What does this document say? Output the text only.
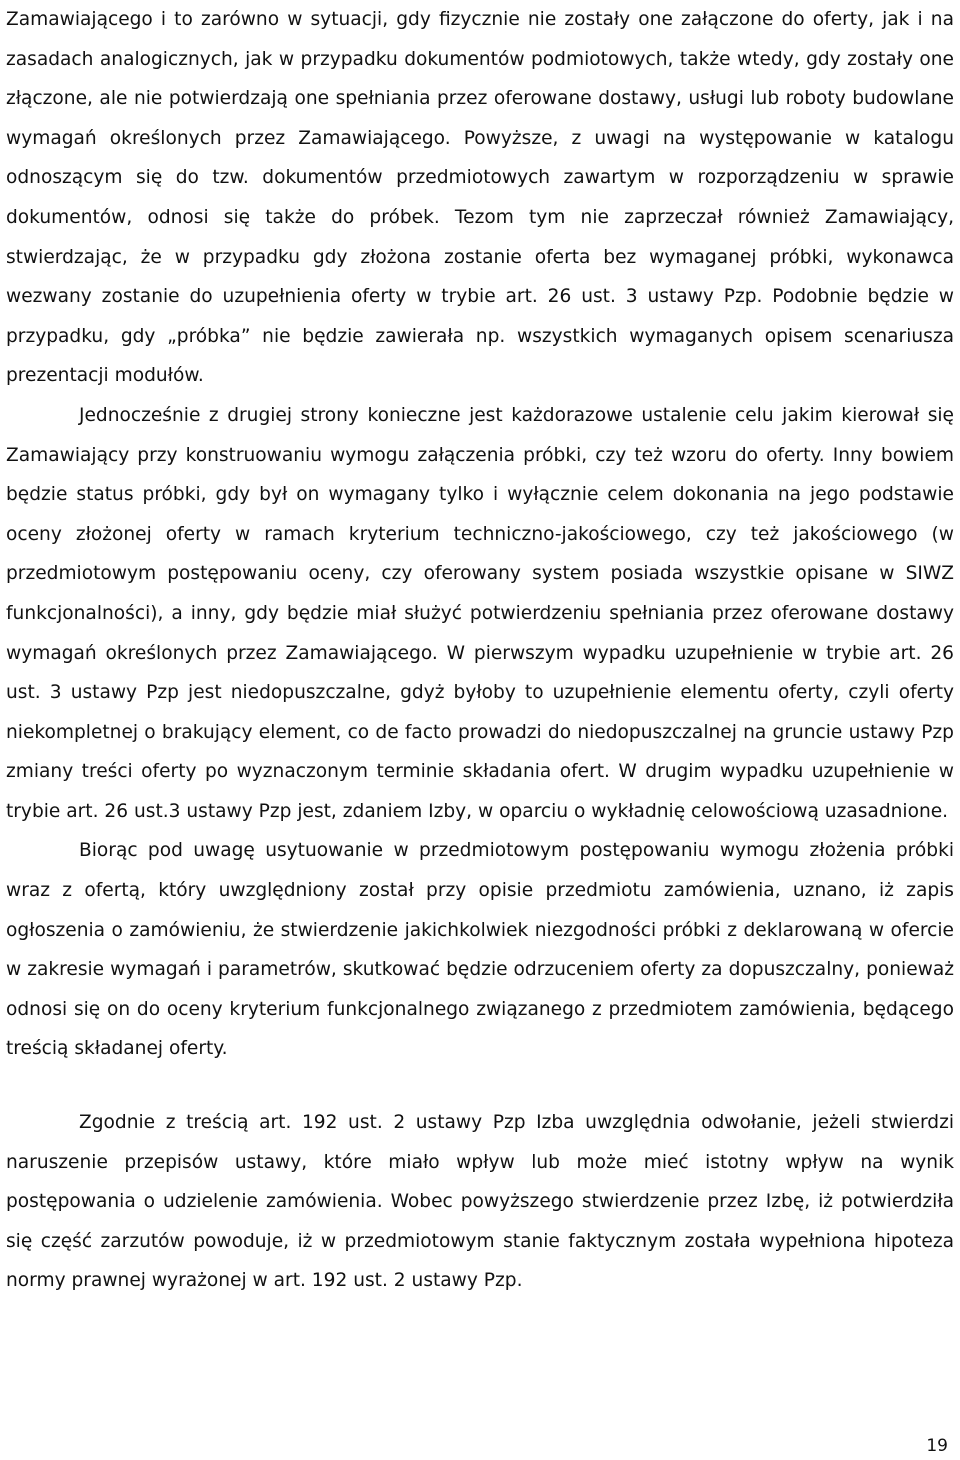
Zamawiającego i to zarówno w sytuacji, gdy fizycznie nie zostały one załączone do oferty, jak i na zasadach analogicznych, jak w przypadku dokumentów podmiotowych, także wtedy, gdy zostały one złączone, ale nie potwierdzają one spełniania przez oferowane dostawy, usługi lub roboty budowlane wymagań określonych przez Zamawiającego. Powyższe, z uwagi na występowanie w katalogu odnoszącym się do tzw. dokumentów przedmiotowych zawartym w rozporządzeniu w sprawie dokumentów, odnosi się także do próbek. Tezom tym nie zaprzeczał również Zamawiający, stwierdzając, że w przypadku gdy złożona zostanie oferta bez wymaganej próbki, wykonawca wezwany zostanie do uzupełnienia oferty w trybie art. 26 ust. 3 ustawy Pzp. Podobnie będzie w przypadku, gdy „próbka” nie będzie zawierała np. wszystkich wymaganych opisem scenariusza prezentacji modułów.

Jednocześnie z drugiej strony konieczne jest każdorazowe ustalenie celu jakim kierował się Zamawiający przy konstruowaniu wymogu załączenia próbki, czy też wzoru do oferty. Inny bowiem będzie status próbki, gdy był on wymagany tylko i wyłącznie celem dokonania na jego podstawie oceny złożonej oferty w ramach kryterium techniczno-jakościowego, czy też jakościowego (w przedmiotowym postępowaniu oceny, czy oferowany system posiada wszystkie opisane w SIWZ funkcjonalności), a inny, gdy będzie miał służyć potwierdzeniu spełniania przez oferowane dostawy wymagań określonych przez Zamawiającego. W pierwszym wypadku uzupełnienie w trybie art. 26 ust. 3 ustawy Pzp jest niedopuszczalne, gdyż byłoby to uzupełnienie elementu oferty, czyli oferty niekompletnej o brakujący element, co de facto prowadzi do niedopuszczalnej na gruncie ustawy Pzp zmiany treści oferty po wyznaczonym terminie składania ofert. W drugim wypadku uzupełnienie w trybie art. 26 ust.3 ustawy Pzp jest, zdaniem Izby, w oparciu o wykładnię celowościową uzasadnione.

Biorąc pod uwagę usytuowanie w przedmiotowym postępowaniu wymogu złożenia próbki wraz z ofertą, który uwzględniony został przy opisie przedmiotu zamówienia, uznano, iż zapis ogłoszenia o zamówieniu, że stwierdzenie jakichkolwiek niezgodności próbki z deklarowaną w ofercie w zakresie wymagań i parametrów, skutkować będzie odrzuceniem oferty za dopuszczalny, ponieważ odnosi się on do oceny kryterium funkcjonalnego związanego z przedmiotem zamówienia, będącego treścią składanej oferty.

Zgodnie z treścią art. 192 ust. 2 ustawy Pzp Izba uwzględnia odwołanie, jeżeli stwierdzi naruszenie przepisów ustawy, które miało wpływ lub może mieć istotny wpływ na wynik postępowania o udzielenie zamówienia. Wobec powyższego stwierdzenie przez Izbę, iż potwierdziła się część zarzutów powoduje, iż w przedmiotowym stanie faktycznym została wypełniona hipoteza normy prawnej wyrażonej w art. 192 ust. 2 ustawy Pzp.

19
